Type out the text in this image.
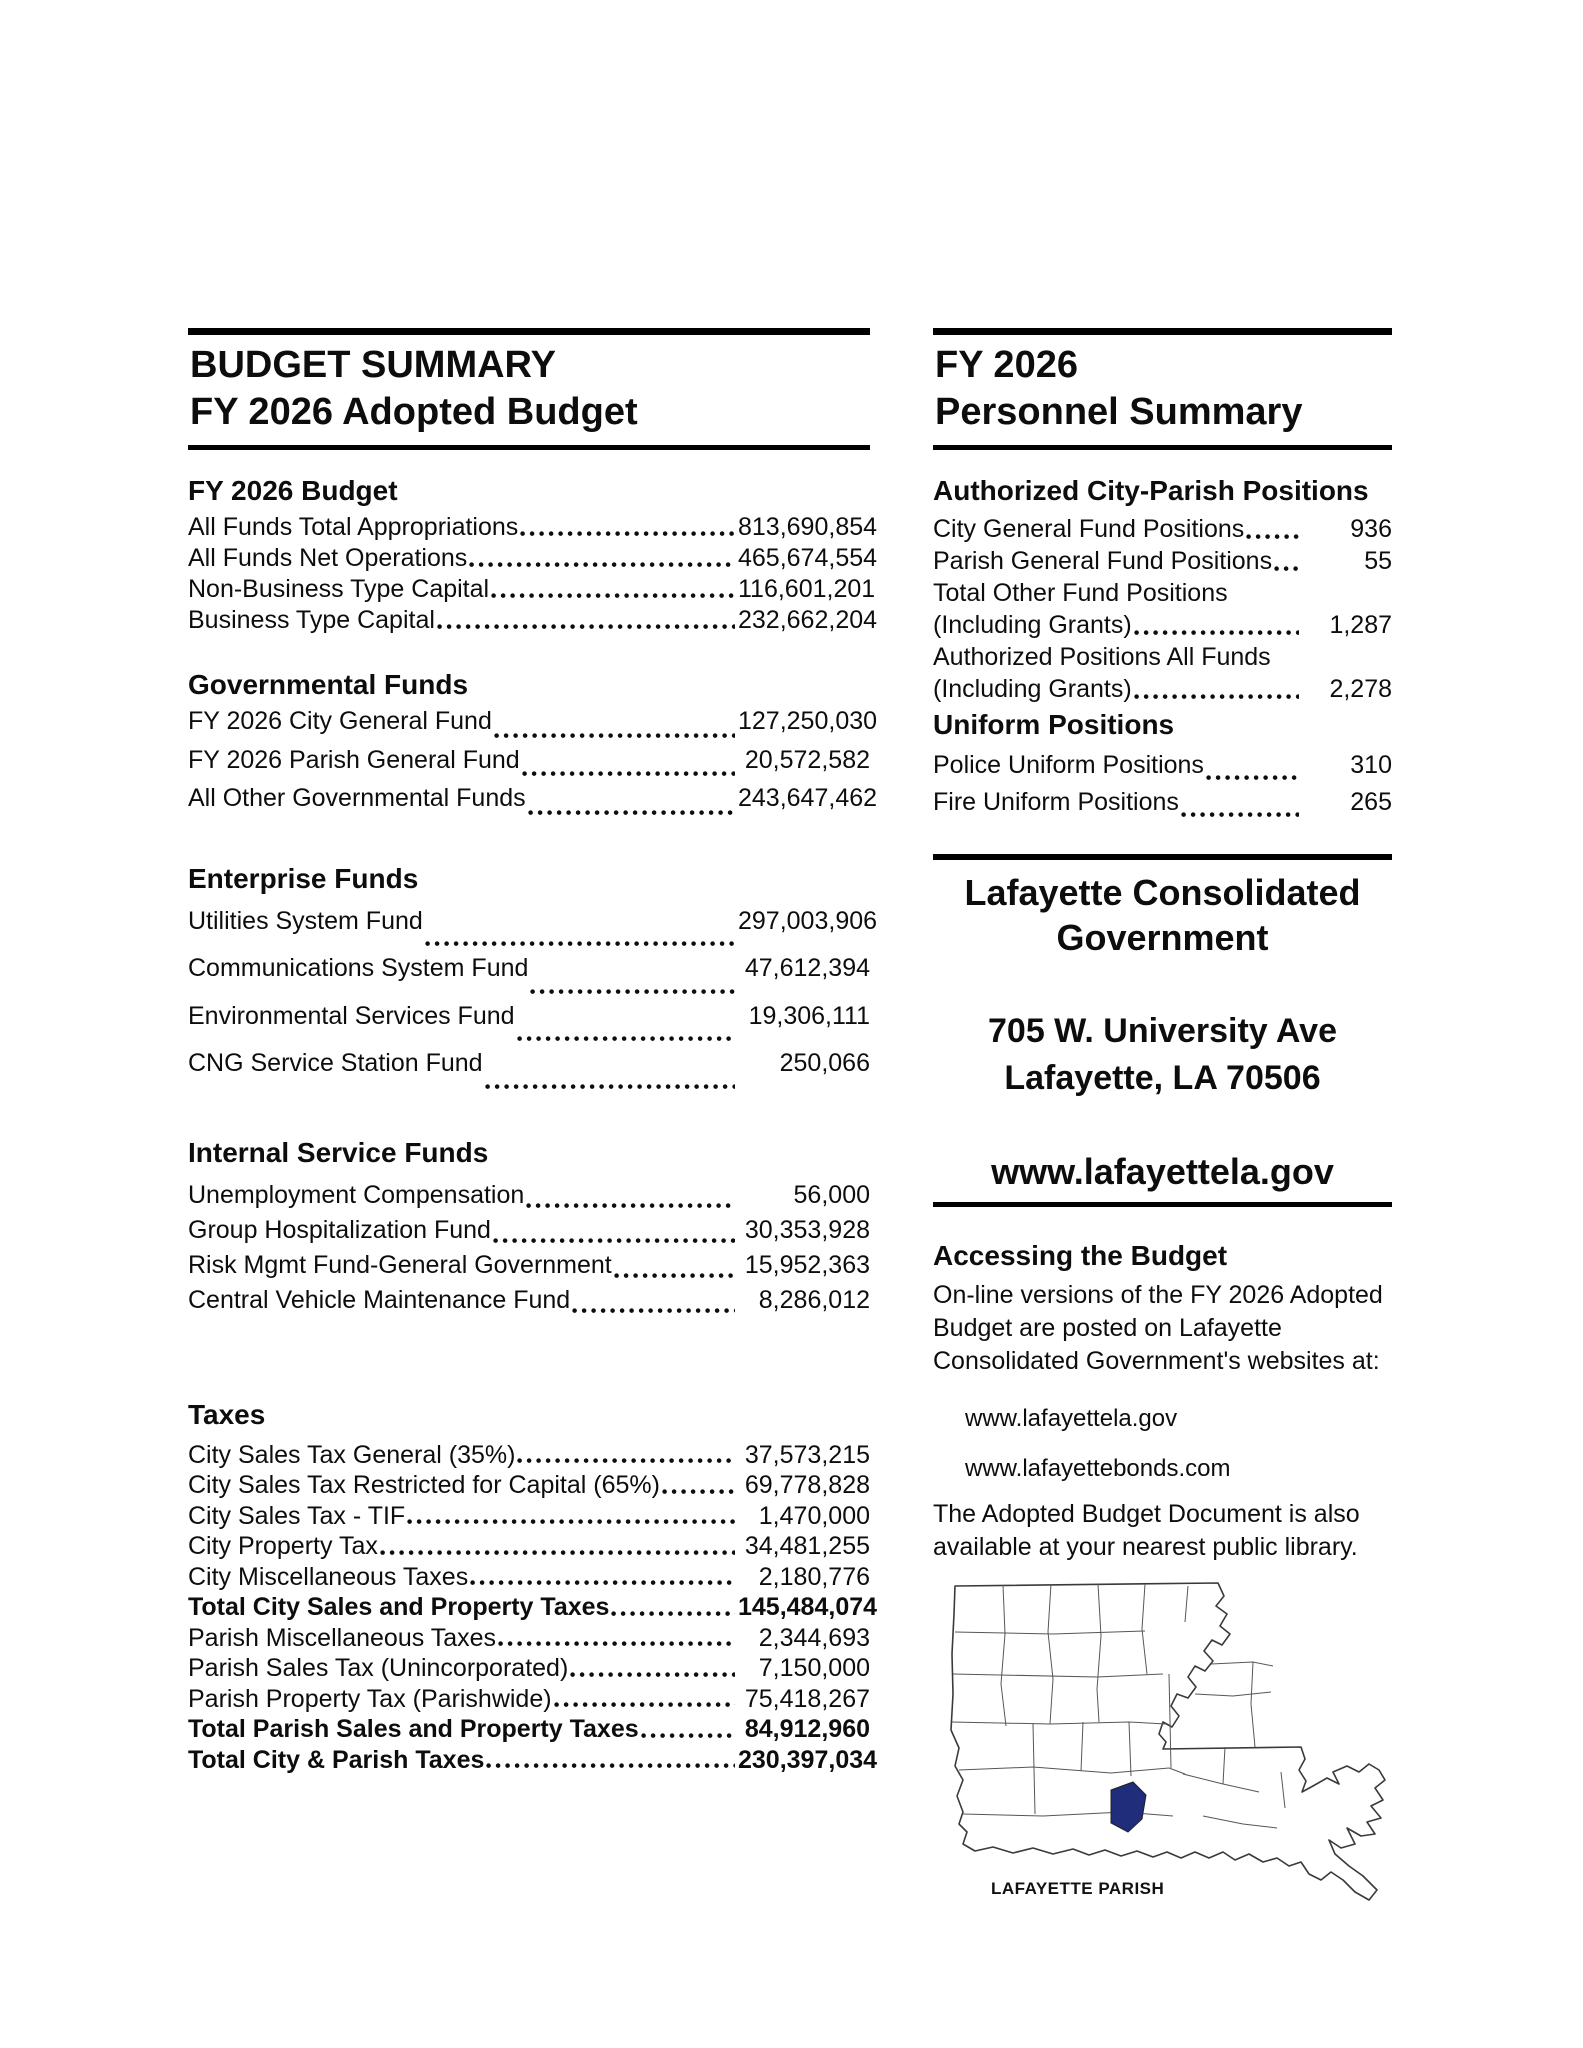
BUDGET SUMMARY
FY 2026 Adopted Budget
FY 2026 Budget
All Funds Total Appropriations	813,690,854
All Funds Net Operations	465,674,554
Non-Business Type Capital	116,601,201
Business Type Capital	232,662,204
Governmental Funds
FY 2026 City General Fund	127,250,030
FY 2026 Parish General Fund	20,572,582
All Other Governmental Funds	243,647,462
Enterprise Funds
Utilities System Fund	297,003,906
Communications System Fund	47,612,394
Environmental Services Fund	19,306,111
CNG Service Station Fund	250,066
Internal Service Funds
Unemployment Compensation	56,000
Group Hospitalization Fund	30,353,928
Risk Mgmt Fund-General Government	15,952,363
Central Vehicle Maintenance Fund	8,286,012
Taxes
City Sales Tax General (35%)	37,573,215
City Sales Tax Restricted for Capital (65%)	69,778,828
City Sales Tax - TIF	1,470,000
City Property Tax	34,481,255
City Miscellaneous Taxes	2,180,776
Total City Sales and Property Taxes	145,484,074
Parish Miscellaneous Taxes	2,344,693
Parish Sales Tax (Unincorporated)	7,150,000
Parish Property Tax (Parishwide)	75,418,267
Total Parish Sales and Property Taxes	84,912,960
Total City & Parish Taxes	230,397,034
FY 2026
Personnel Summary
Authorized City-Parish Positions
City General Fund Positions	936
Parish General Fund Positions	55
Total Other Fund Positions
(Including Grants)	1,287
Authorized Positions All Funds
(Including Grants)	2,278
Uniform Positions
Police Uniform Positions	310
Fire Uniform Positions	265
Lafayette Consolidated
Government
705 W. University Ave
Lafayette, LA 70506
www.lafayettela.gov
Accessing the Budget

On-line versions of the FY 2026 Adopted Budget are posted on Lafayette Consolidated Government's websites at:

www.lafayettela.gov
www.lafayettebonds.com

The Adopted Budget Document is also available at your nearest public library.

LAFAYETTE PARISH
